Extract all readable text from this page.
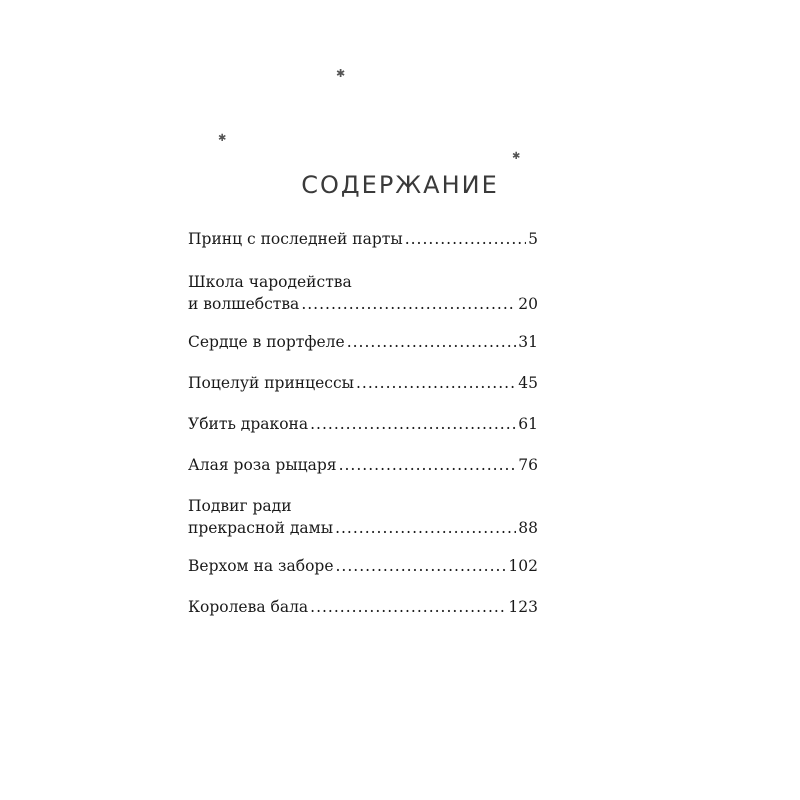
✱
✱
✱
СОДЕРЖАНИЕ
Принц с последней парты .....	5
Школа чародейства
и волшебства .....	20
Сердце в портфеле .....	31
Поцелуй принцессы .....	45
Убить дракона .....	61
Алая роза рыцаря .....	76
Подвиг ради
прекрасной дамы .....	88
Верхом на заборе .....	102
Королева бала .....	123
